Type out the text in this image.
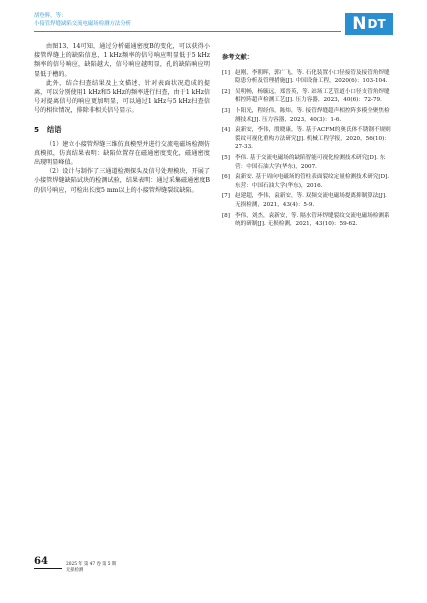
胡登辉，等：
小接管焊缝缺陷交流电磁场检测方法分析	N DT

由图13、14可知，通过分析磁通密度B的变化，可以获得小接管焊缝上的缺陷信息，1 kHz频率的信号响应明显低于5 kHz频率的信号响应，缺陷越大，信号响应越明显，孔的缺陷响应明显低于槽的。

此外，结合扫查结果及上文描述，针对表面状况造成的提离，可以分别使用1 kHz和5 kHz的频率进行扫查，由于1 kHz信号对提离信号的响应更加明显，可以通过1 kHz与5 kHz扫查信号的相位情况，排除非相关信号显示。

5 结语

（1）建立小接管焊缝三维仿真模型并进行交流电磁场检测仿真模拟，仿真结果表明：缺陷位置存在磁通密度变化，磁通密度出现明显峰值。

（2）设计与制作了三通道检测探头及信号处理模块，开展了小接管焊缝缺陷试块的检测试验，结果表明：通过采集磁通密度B的信号响应，可检出长度5 mm以上的小接管焊缝裂纹缺陷。

参考文献：
[1] 赵刚，李朝晖，郭广飞，等. 石化装置小口径接管及接管角焊缝隐患分析及管理措施[J]. 中国设备工程，2020(6)：103-104.
[2] 吴明畅，杨毓远，郑晋英，等. 站场工艺管道小口径支管角焊缝相控阵超声检测工艺[J]. 压力容器，2023，40(6)：72-79.
[3] 卜阳光，程经伟，陈炜，等. 接管焊缝超声相控阵多模全聚焦检测技术[J]. 压力容器，2023，40(3)：1-6.
[4] 袁新安，李伟，殷晓康，等. 基于ACFM的奥氏体不锈钢不规则裂纹可视化重构方法研究[J]. 机械工程学报，2020，56(10)：27-33.
[5] 李伟. 基于交流电磁场的缺陷智能可视化检测技术研究[D]. 东营：中国石油大学(华东)，2007.
[6] 袁新安. 基于周向电磁场的管柱表面裂纹定量检测技术研究[D]. 东营：中国石油大学(华东)，2016.
[7] 赵建超，李伟，袁新安，等. 双频交流电磁场提离抑制算法[J]. 无损检测，2021，43(4)：5-9.
[8] 李伟，刘杰，袁新安，等. 隔水管环焊缝裂纹交流电磁场检测系统的研制[J]. 无损检测，2021，43(10)：59-62.
64	2025 年 第 47 卷 第 5 期
无损检测
